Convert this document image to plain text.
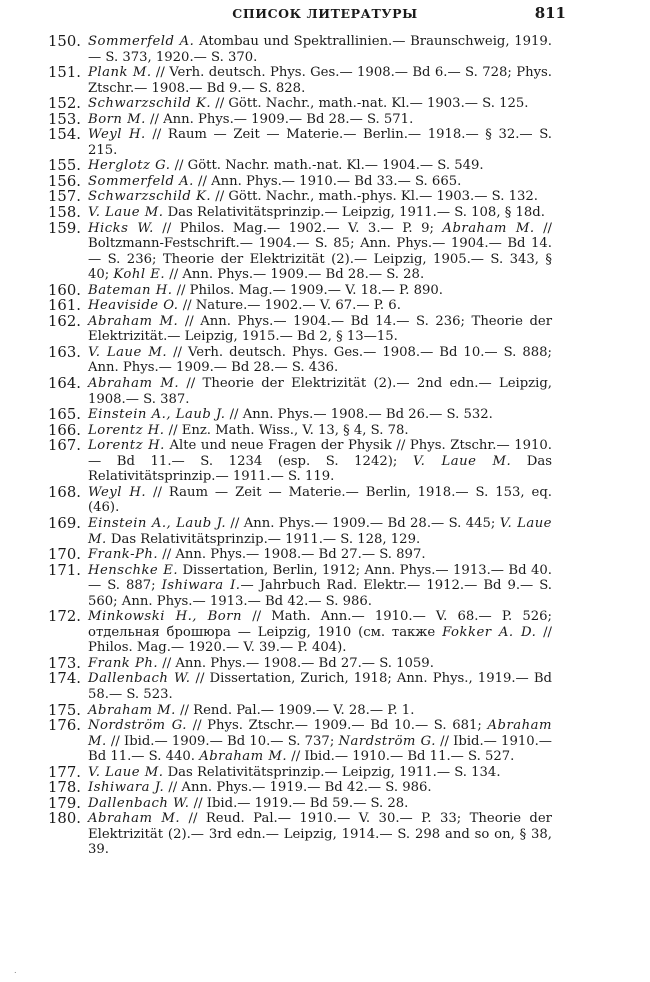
СПИСОК ЛИТЕРАТУРЫ	811

150. Sommerfeld A. Atombau und Spektrallinien.— Braunschweig, 1919.— S. 373, 1920.— S. 370.

151. Plank M. // Verh. deutsch. Phys. Ges.— 1908.— Bd 6.— S. 728; Phys. Ztschr.— 1908.— Bd 9.— S. 828.

152. Schwarzschild K. // Gött. Nachr., math.-nat. Kl.— 1903.— S. 125.

153. Born M. // Ann. Phys.— 1909.— Bd 28.— S. 571.

154. Weyl H. // Raum — Zeit — Materie.— Berlin.— 1918.— § 32.— S. 215.

155. Herglotz G. // Gött. Nachr. math.-nat. Kl.— 1904.— S. 549.

156. Sommerfeld A. // Ann. Phys.— 1910.— Bd 33.— S. 665.

157. Schwarzschild K. // Gött. Nachr., math.-phys. Kl.— 1903.— S. 132.

158. V. Laue M. Das Relativitätsprinzip.— Leipzig, 1911.— S. 108, § 18d.

159. Hicks W. // Philos. Mag.— 1902.— V. 3.— P. 9; Abraham M. // Boltzmann-Festschrift.— 1904.— S. 85; Ann. Phys.— 1904.— Bd 14.— S. 236; Theorie der Elektrizität (2).— Leipzig, 1905.— S. 343, § 40; Kohl E. // Ann. Phys.— 1909.— Bd 28.— S. 28.

160. Bateman H. // Philos. Mag.— 1909.— V. 18.— P. 890.

161. Heaviside O. // Nature.— 1902.— V. 67.— P. 6.

162. Abraham M. // Ann. Phys.— 1904.— Bd 14.— S. 236; Theorie der Elektrizität.— Leipzig, 1915.— Bd 2, § 13—15.

163. V. Laue M. // Verh. deutsch. Phys. Ges.— 1908.— Bd 10.— S. 888; Ann. Phys.— 1909.— Bd 28.— S. 436.

164. Abraham M. // Theorie der Elektrizität (2).— 2nd edn.— Leipzig, 1908.— S. 387.

165. Einstein A., Laub J. // Ann. Phys.— 1908.— Bd 26.— S. 532.

166. Lorentz H. // Enz. Math. Wiss., V. 13, § 4, S. 78.

167. Lorentz H. Alte und neue Fragen der Physik // Phys. Ztschr.— 1910.— Bd 11.— S. 1234 (esp. S. 1242); V. Laue M. Das Relativitätsprinzip.— 1911.— S. 119.

168. Weyl H. // Raum — Zeit — Materie.— Berlin, 1918.— S. 153, eq. (46).

169. Einstein A., Laub J. // Ann. Phys.— 1909.— Bd 28.— S. 445; V. Laue M. Das Relativitätsprinzip.— 1911.— S. 128, 129.

170. Frank-Ph. // Ann. Phys.— 1908.— Bd 27.— S. 897.

171. Henschke E. Dissertation, Berlin, 1912; Ann. Phys.— 1913.— Bd 40.— S. 887; Ishiwara I.— Jahrbuch Rad. Elektr.— 1912.— Bd 9.— S. 560; Ann. Phys.— 1913.— Bd 42.— S. 986.

172. Minkowski H., Born // Math. Ann.— 1910.— V. 68.— P. 526; отдельная брошюра — Leipzig, 1910 (см. также Fokker A. D. // Philos. Mag.— 1920.— V. 39.— P. 404).

173. Frank Ph. // Ann. Phys.— 1908.— Bd 27.— S. 1059.

174. Dallenbach W. // Dissertation, Zurich, 1918; Ann. Phys., 1919.— Bd 58.— S. 523.

175. Abraham M. // Rend. Pal.— 1909.— V. 28.— P. 1.

176. Nordström G. // Phys. Ztschr.— 1909.— Bd 10.— S. 681; Abraham M. // Ibid.— 1909.— Bd 10.— S. 737; Nardström G. // Ibid.— 1910.— Bd 11.— S. 440. Abraham M. // Ibid.— 1910.— Bd 11.— S. 527.

177. V. Laue M. Das Relativitätsprinzip.— Leipzig, 1911.— S. 134.

178. Ishiwara J. // Ann. Phys.— 1919.— Bd 42.— S. 986.

179. Dallenbach W. // Ibid.— 1919.— Bd 59.— S. 28.

180. Abraham M. // Reud. Pal.— 1910.— V. 30.— P. 33; Theorie der Elektrizität (2).— 3rd edn.— Leipzig, 1914.— S. 298 and so on, § 38, 39.

.
